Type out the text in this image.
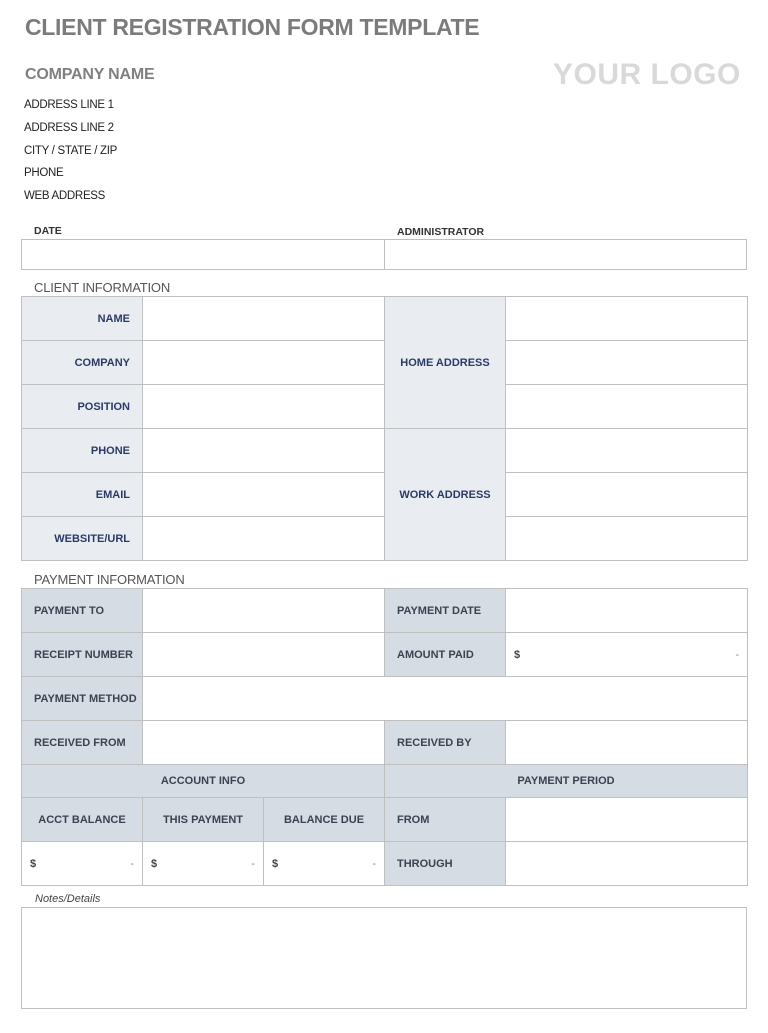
CLIENT REGISTRATION FORM TEMPLATE
COMPANY NAME	YOUR LOGO
ADDRESS LINE 1
ADDRESS LINE 2
CITY / STATE / ZIP
PHONE
WEB ADDRESS
DATE	ADMINISTRATOR

CLIENT INFORMATION
NAME		HOME ADDRESS	
COMPANY			
POSITION			
PHONE		WORK ADDRESS	
EMAIL			
WEBSITE/URL			
PAYMENT INFORMATION
PAYMENT TO			PAYMENT DATE	
RECEIPT NUMBER			AMOUNT PAID	$ -

PAYMENT METHOD				
RECEIVED FROM			RECEIVED BY	
ACCOUNT INFO			PAYMENT PERIOD	
ACCT BALANCE	THIS PAYMENT	BALANCE DUE	FROM	
$ -	$ -	$ -	THROUGH	
Notes/Details
